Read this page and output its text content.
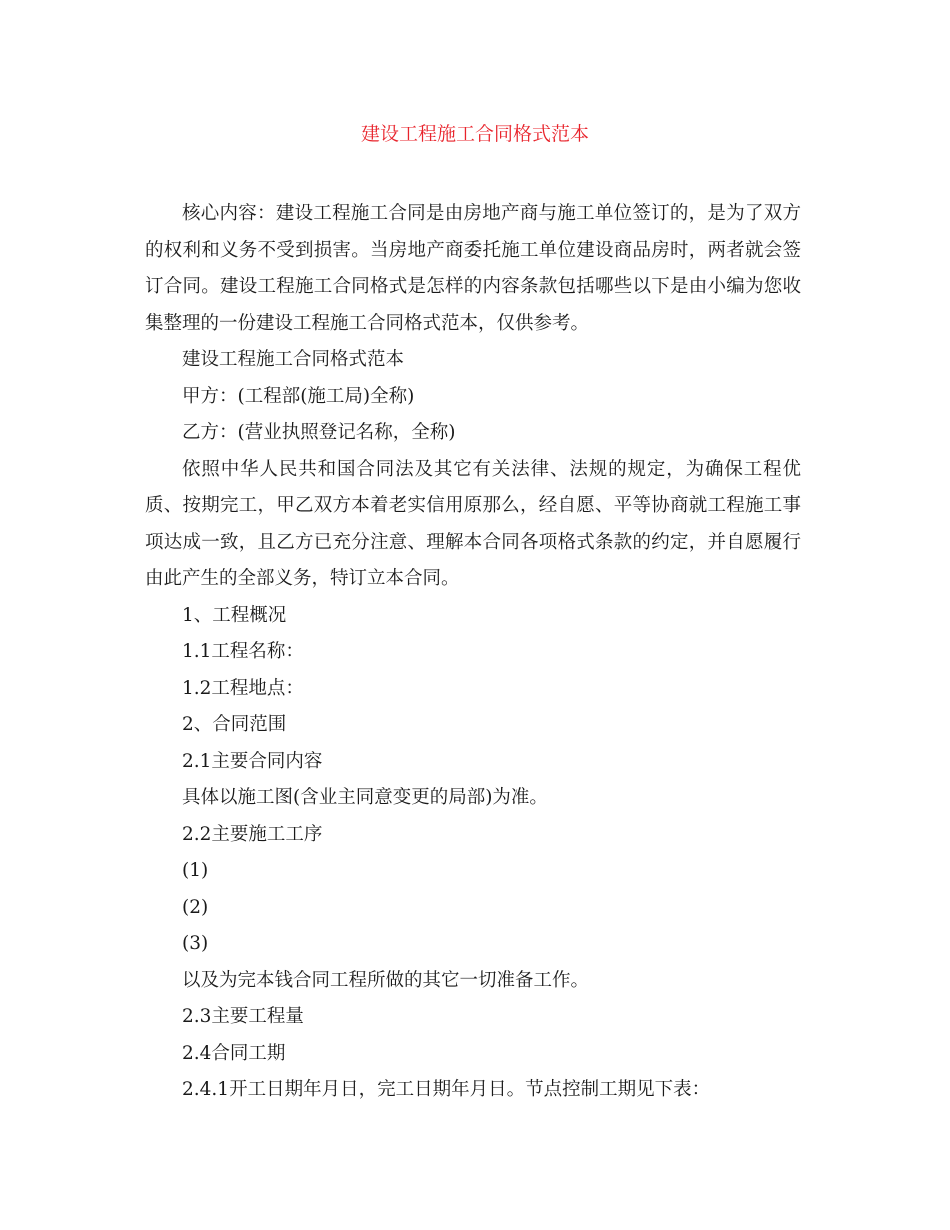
建设工程施工合同格式范本

核心内容：建设工程施工合同是由房地产商与施工单位签订的，是为了双方的权利和义务不受到损害。当房地产商委托施工单位建设商品房时，两者就会签订合同。建设工程施工合同格式是怎样的内容条款包括哪些以下是由小编为您收集整理的一份建设工程施工合同格式范本，仅供参考。

建设工程施工合同格式范本

甲方：(工程部(施工局)全称)

乙方：(营业执照登记名称，全称)

依照中华人民共和国合同法及其它有关法律、法规的规定，为确保工程优质、按期完工，甲乙双方本着老实信用原那么，经自愿、平等协商就工程施工事项达成一致，且乙方已充分注意、理解本合同各项格式条款的约定，并自愿履行由此产生的全部义务，特订立本合同。

1、工程概况

1.1工程名称：

1.2工程地点：

2、合同范围

2.1主要合同内容

具体以施工图(含业主同意变更的局部)为准。

2.2主要施工工序

(1)

(2)

(3)

以及为完本钱合同工程所做的其它一切准备工作。

2.3主要工程量

2.4合同工期

2.4.1开工日期年月日，完工日期年月日。节点控制工期见下表：
